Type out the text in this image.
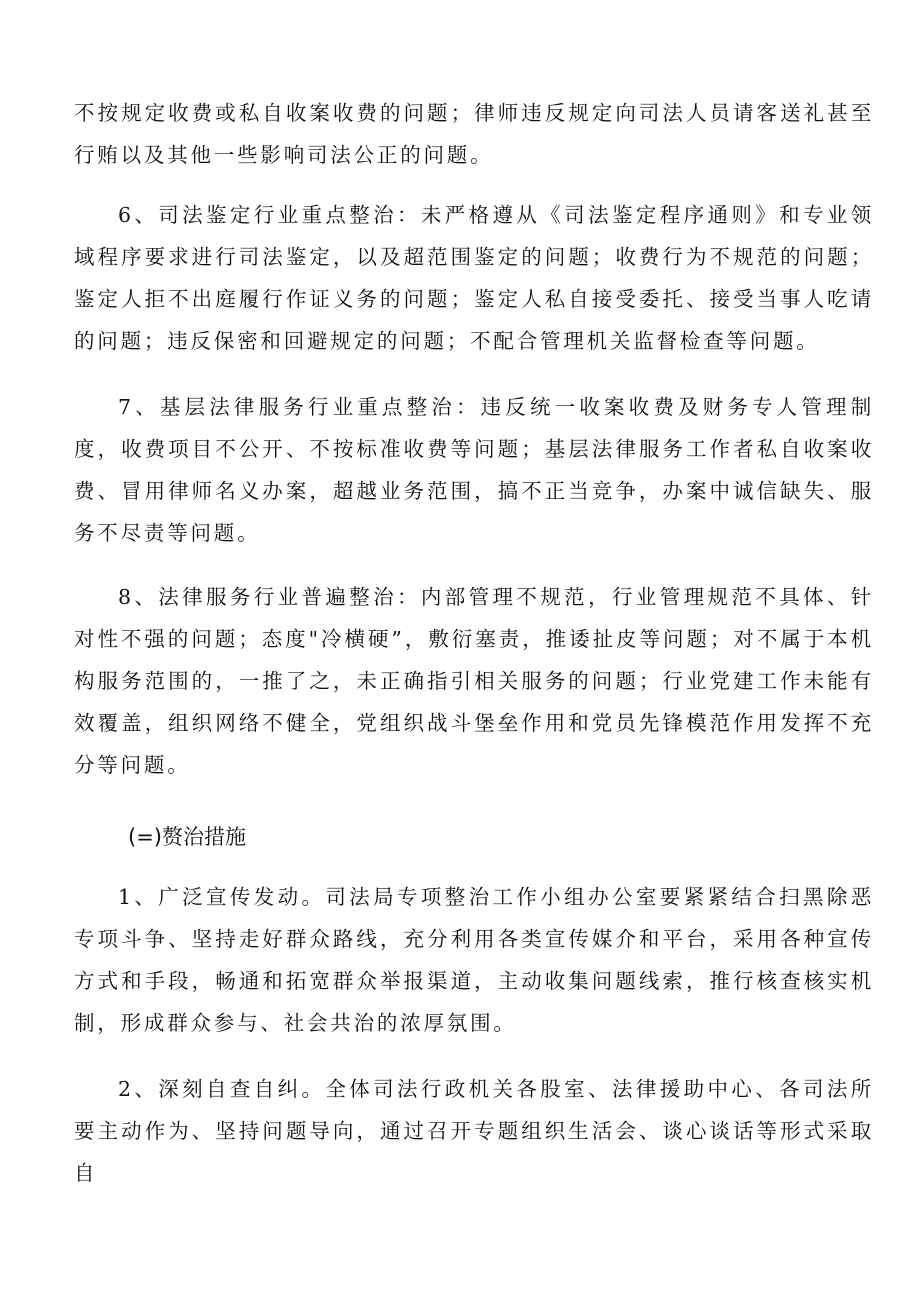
不按规定收费或私自收案收费的问题；律师违反规定向司法人员请客送礼甚至行贿以及其他一些影响司法公正的问题。

6、司法鉴定行业重点整治：未严格遵从《司法鉴定程序通则》和专业领域程序要求进行司法鉴定，以及超范围鉴定的问题；收费行为不规范的问题；鉴定人拒不出庭履行作证义务的问题；鉴定人私自接受委托、接受当事人吃请的问题；违反保密和回避规定的问题；不配合管理机关监督检查等问题。

7、基层法律服务行业重点整治：违反统一收案收费及财务专人管理制度，收费项目不公开、不按标准收费等问题；基层法律服务工作者私自收案收费、冒用律师名义办案，超越业务范围，搞不正当竞争，办案中诚信缺失、服务不尽责等问题。

8、法律服务行业普遍整治：内部管理不规范，行业管理规范不具体、针对性不强的问题；态度"冷横硬”，敷衍塞责，推诿扯皮等问题；对不属于本机构服务范围的，一推了之，未正确指引相关服务的问题；行业党建工作未能有效覆盖，组织网络不健全，党组织战斗堡垒作用和党员先锋模范作用发挥不充分等问题。

(=)赘治措施

1、广泛宣传发动。司法局专项整治工作小组办公室要紧紧结合扫黑除恶专项斗争、坚持走好群众路线，充分利用各类宣传媒介和平台，采用各种宣传方式和手段，畅通和拓宽群众举报渠道，主动收集问题线索，推行核查核实机制，形成群众参与、社会共治的浓厚氛围。

2、深刻自查自纠。全体司法行政机关各股室、法律援助中心、各司法所要主动作为、坚持问题导向，通过召开专题组织生活会、谈心谈话等形式采取自
